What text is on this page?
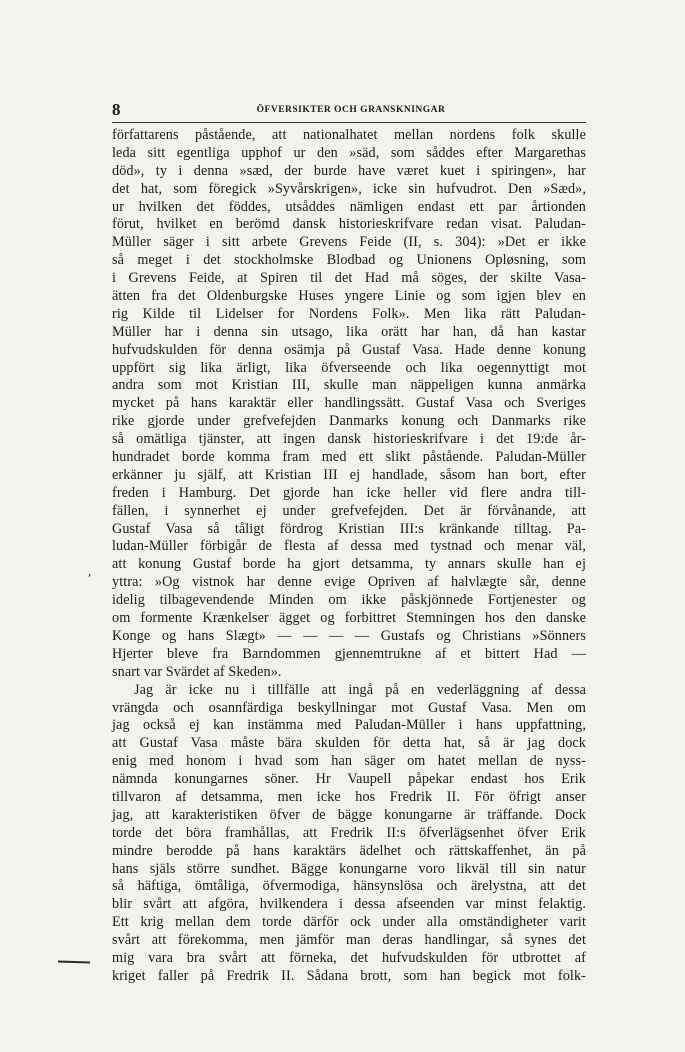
8	ÖFVERSIKTER OCH GRANSKNINGAR
,
författarens påstående, att nationalhatet mellan nordens folk skulle
leda sitt egentliga upphof ur den »säd, som såddes efter Margarethas
död», ty i denna »sæd, der burde have været kuet i spiringen», har
det hat, som föregick »Syvårskrigen», icke sin hufvudrot. Den »Sæd»,
ur hvilken det föddes, utsåddes nämligen endast ett par årtionden
förut, hvilket en berömd dansk historieskrifvare redan visat. Paludan-
Müller säger i sitt arbete Grevens Feide (II, s. 304): »Det er ikke
så meget i det stockholmske Blodbad og Unionens Opløsning, som
i Grevens Feide, at Spiren til det Had må söges, der skilte Vasa-
ätten fra det Oldenburgske Huses yngere Linie og som igjen blev en
rig Kilde til Lidelser for Nordens Folk». Men lika rätt Paludan-
Müller har i denna sin utsago, lika orätt har han, då han kastar
hufvudskulden för denna osämja på Gustaf Vasa. Hade denne konung
uppfört sig lika ärligt, lika öfverseende och lika oegennyttigt mot
andra som mot Kristian III, skulle man näppeligen kunna anmärka
mycket på hans karaktär eller handlingssätt. Gustaf Vasa och Sveriges
rike gjorde under grefvefejden Danmarks konung och Danmarks rike
så omätliga tjänster, att ingen dansk historieskrifvare i det 19:de år-
hundradet borde komma fram med ett slikt påstående. Paludan-Müller
erkänner ju själf, att Kristian III ej handlade, såsom han bort, efter
freden i Hamburg. Det gjorde han icke heller vid flere andra till-
fällen, i synnerhet ej under grefvefejden. Det är förvånande, att
Gustaf Vasa så tåligt fördrog Kristian III:s kränkande tilltag. Pa-
ludan-Müller förbigår de flesta af dessa med tystnad och menar väl,
att konung Gustaf borde ha gjort detsamma, ty annars skulle han ej
yttra: »Og vistnok har denne evige Opriven af halvlægte sår, denne
idelig tilbagevendende Minden om ikke påskjönnede Fortjenester og
om formente Krænkelser ägget og forbittret Stemningen hos den danske
Konge og hans Slægt» — — — — Gustafs og Christians »Sönners
Hjerter bleve fra Barndommen gjennemtrukne af et bittert Had —
snart var Svärdet af Skeden».
Jag är icke nu i tillfälle att ingå på en vederläggning af dessa
vrängda och osannfärdiga beskyllningar mot Gustaf Vasa. Men om
jag också ej kan instämma med Paludan-Müller i hans uppfattning,
att Gustaf Vasa måste bära skulden för detta hat, så är jag dock
enig med honom i hvad som han säger om hatet mellan de nyss-
nämnda konungarnes söner. Hr Vaupell påpekar endast hos Erik
tillvaron af detsamma, men icke hos Fredrik II. För öfrigt anser
jag, att karakteristiken öfver de bägge konungarne är träffande. Dock
torde det böra framhållas, att Fredrik II:s öfverlägsenhet öfver Erik
mindre berodde på hans karaktärs ädelhet och rättskaffenhet, än på
hans själs större sundhet. Bägge konungarne voro likväl till sin natur
så häftiga, ömtåliga, öfvermodiga, hänsynslösa och ärelystna, att det
blir svårt att afgöra, hvilkendera i dessa afseenden var minst felaktig.
Ett krig mellan dem torde därför ock under alla omständigheter varit
svårt att förekomma, men jämför man deras handlingar, så synes det
mig vara bra svårt att förneka, det hufvudskulden för utbrottet af
kriget faller på Fredrik II. Sådana brott, som han begick mot folk-
